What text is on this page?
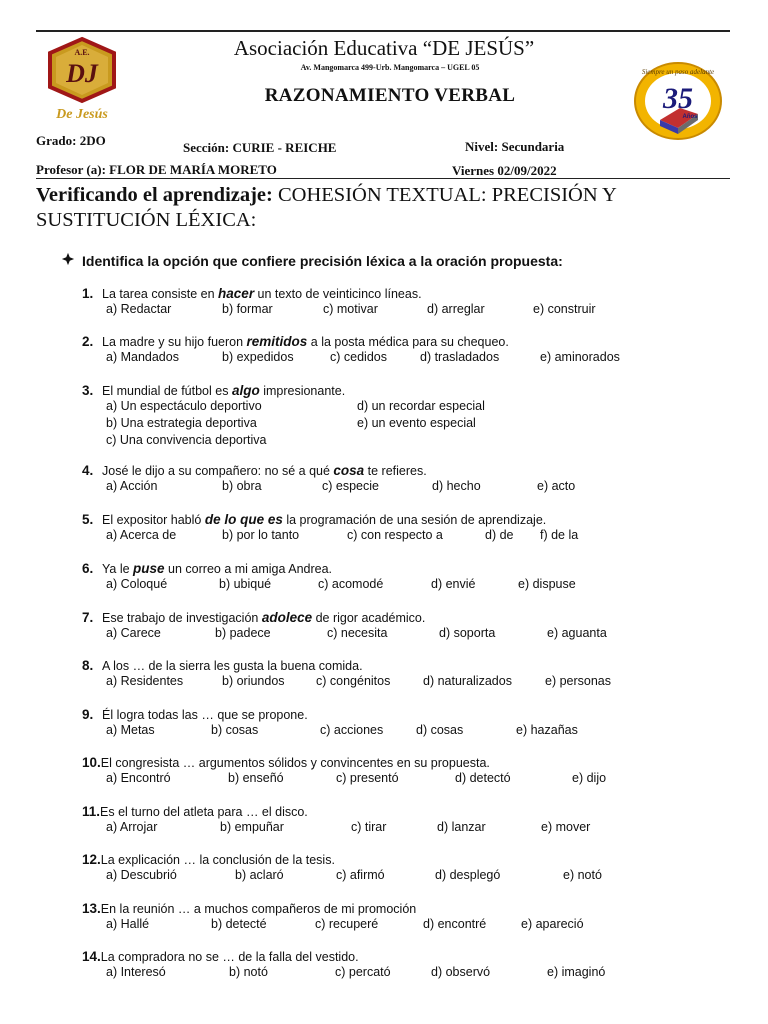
A.E.
DJ
De Jesús
Siempre un paso adelante
35
Años
Asociación Educativa “DE JESÚS”
Av. Mangomarca 499-Urb. Mangomarca – UGEL 05
RAZONAMIENTO VERBAL
Grado: 2DO	Sección: CURIE - REICHE	Nivel: Secundaria
Profesor (a): FLOR DE MARÍA MORETO	Viernes 02/09/2022
Verificando el aprendizaje: COHESIÓN TEXTUAL: PRECISIÓN Y SUSTITUCIÓN LÉXICA:
Identifica la opción que confiere precisión léxica a la oración propuesta:
1. La tarea consiste en hacer un texto de veinticinco líneas.
a) Redactar	b) formar	c) motivar	d) arreglar	e) construir
2. La madre y su hijo fueron remitidos a la posta médica para su chequeo.
a) Mandados	b) expedidos	c) cedidos	d) trasladados	e) aminorados
3. El mundial de fútbol es algo impresionante.
a) Un espectáculo deportivo	d) un recordar especial
b) Una estrategia deportiva	e) un evento especial
c) Una convivencia deportiva
4. José le dijo a su compañero: no sé a qué cosa te refieres.
a) Acción	b) obra	c) especie	d) hecho	e) acto
5. El expositor habló de lo que es la programación de una sesión de aprendizaje.
a) Acerca de	b) por lo tanto	c) con respecto a	d) de f) de la
6. Ya le puse un correo a mi amiga Andrea.
a) Coloqué	b) ubiqué	c) acomodé	d) envié	e) dispuse
7. Ese trabajo de investigación adolece de rigor académico.
a) Carece	b) padece	c) necesita	d) soporta	e) aguanta
8. A los … de la sierra les gusta la buena comida.
a) Residentes	b) oriundos	c) congénitos	d) naturalizados	e) personas
9. Él logra todas las … que se propone.
a) Metas	b) cosas	c) acciones	d) cosas	e) hazañas
10.El congresista … argumentos sólidos y convincentes en su propuesta.
a) Encontró	b) enseñó	c) presentó	d) detectó	e) dijo
11.Es el turno del atleta para … el disco.
a) Arrojar	b) empuñar	c) tirar	d) lanzar	e) mover
12.La explicación … la conclusión de la tesis.
a) Descubrió	b) aclaró	c) afirmó	d) desplegó	e) notó
13.En la reunión … a muchos compañeros de mi promoción
a) Hallé	b) detecté	c) recuperé	d) encontré	e) apareció
14.La compradora no se … de la falla del vestido.
a) Interesó	b) notó	c) percató	d) observó	e) imaginó
